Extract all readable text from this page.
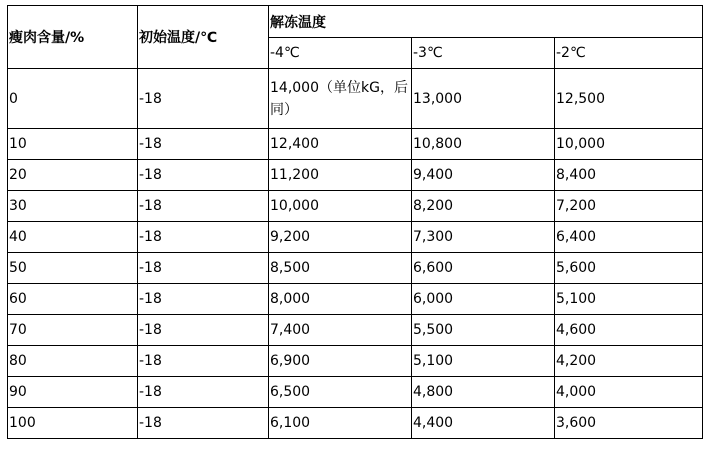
瘦肉含量/%	初始温度/℃	解冻温度		
		-4℃	-3℃	-2℃
0	-18	14,000（单位kG，后同）	13,000	12,500
10	-18	12,400	10,800	10,000
20	-18	11,200	9,400	8,400
30	-18	10,000	8,200	7,200
40	-18	9,200	7,300	6,400
50	-18	8,500	6,600	5,600
60	-18	8,000	6,000	5,100
70	-18	7,400	5,500	4,600
80	-18	6,900	5,100	4,200
90	-18	6,500	4,800	4,000
100	-18	6,100	4,400	3,600
